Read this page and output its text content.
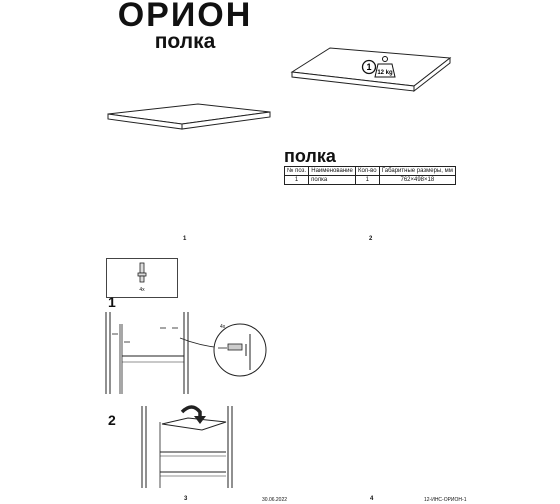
ОРИОН
полка
1
12 kg
полка
№ поз.	Наименование	Кол-во	Габаритные размеры, мм
1	полка	1	762×498×18
1	2
4x
1
4x
2
3	30.06.2022	4	12-ИНС-ОРИОН-1
